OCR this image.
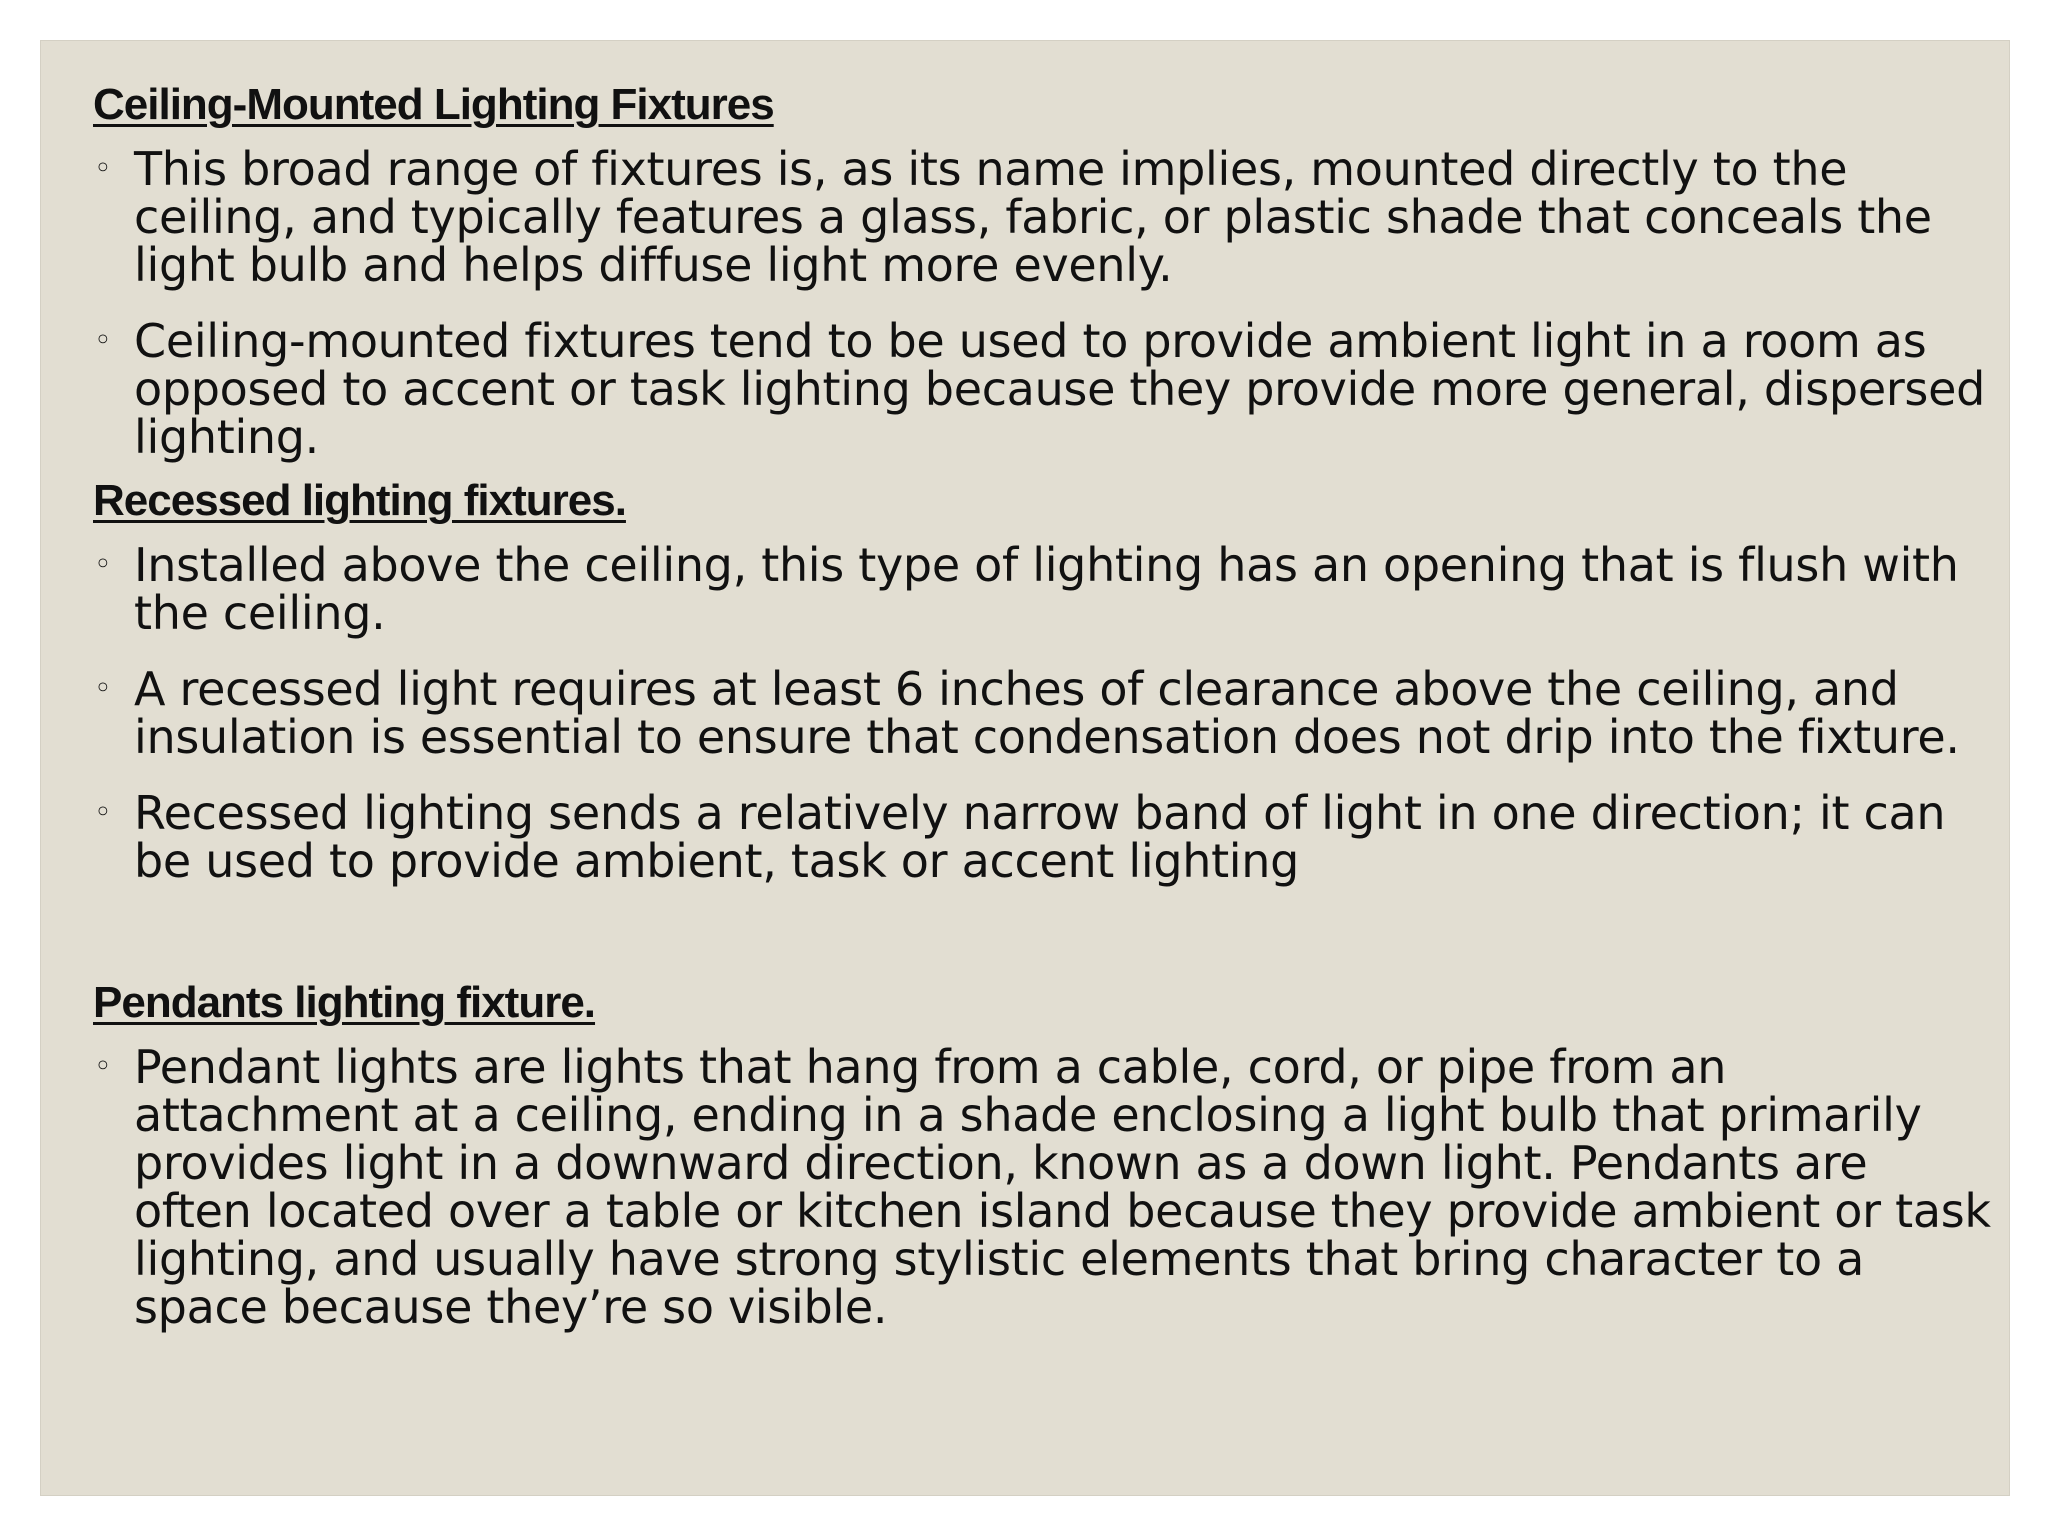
Ceiling-Mounted Lighting Fixtures
◦ This broad range of fixtures is, as its name implies, mounted directly to the ceiling, and typically features a glass, fabric, or plastic shade that conceals the light bulb and helps diffuse light more evenly.
◦ Ceiling-mounted fixtures tend to be used to provide ambient light in a room as opposed to accent or task lighting because they provide more general, dispersed lighting.
Recessed lighting fixtures.
◦ Installed above the ceiling, this type of lighting has an opening that is flush with the ceiling.
◦ A recessed light requires at least 6 inches of clearance above the ceiling, and insulation is essential to ensure that condensation does not drip into the fixture.
◦ Recessed lighting sends a relatively narrow band of light in one direction; it can be used to provide ambient, task or accent lighting
Pendants lighting fixture.
◦ Pendant lights are lights that hang from a cable, cord, or pipe from an attachment at a ceiling, ending in a shade enclosing a light bulb that primarily provides light in a downward direction, known as a down light. Pendants are often located over a table or kitchen island because they provide ambient or task lighting, and usually have strong stylistic elements that bring character to a space because they’re so visible.
